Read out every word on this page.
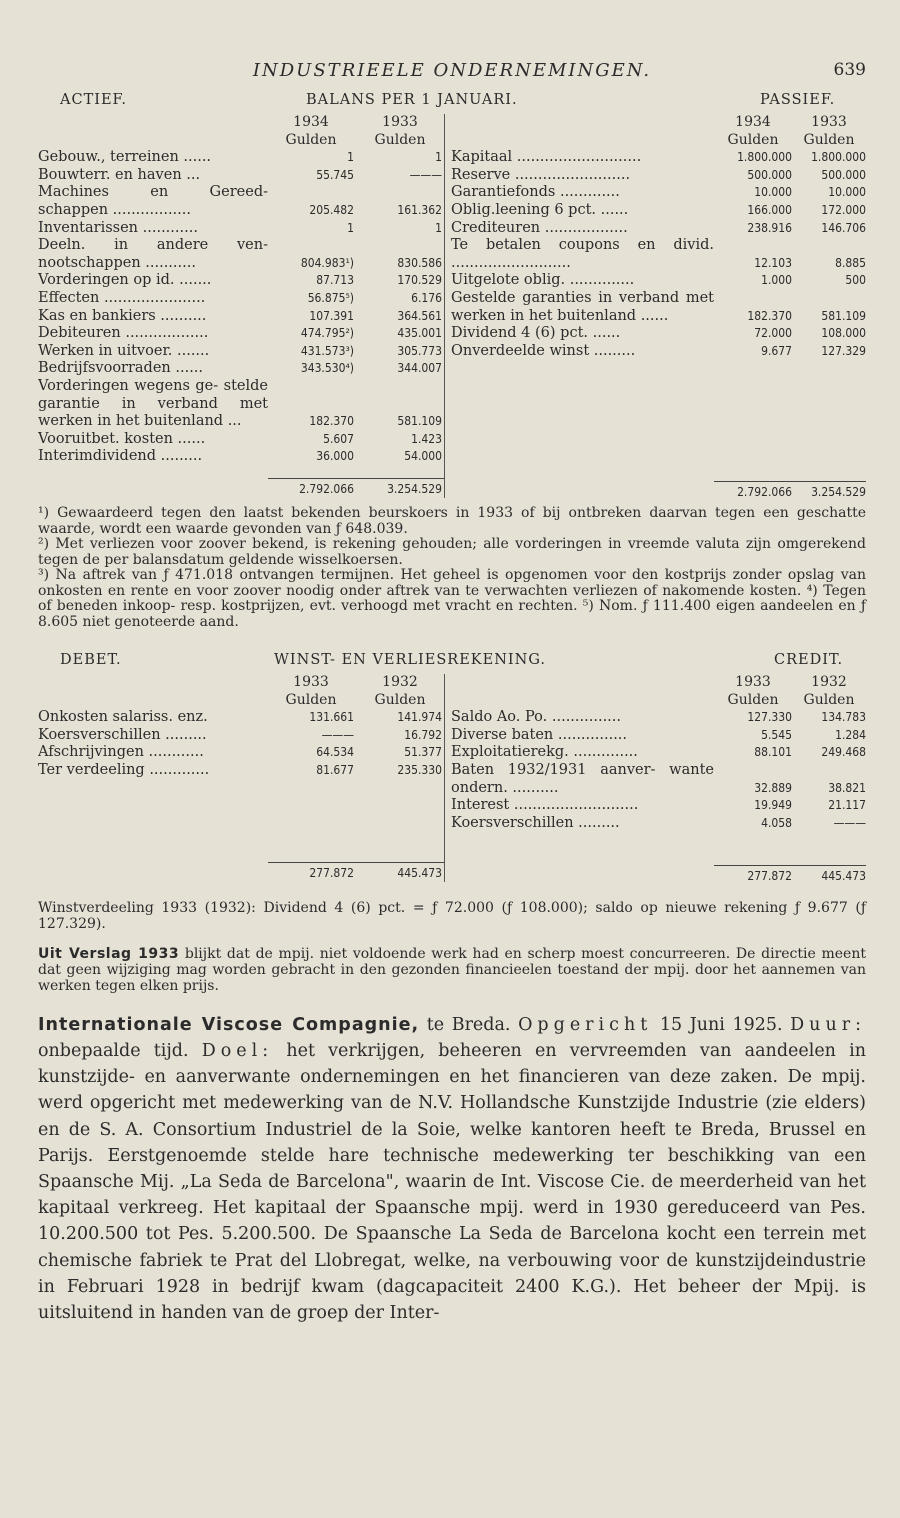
INDUSTRIEELE ONDERNEMINGEN.	639
ACTIEF.	BALANS PER 1 JANUARI.	PASSIEF.
1934	1933
Gulden	Gulden
Gebouw., terreinen ......	1	1
Bouwterr. en haven ...	55.745	———
Machines en Gereed- schappen .................	205.482	161.362
Inventarissen ............	1	1
Deeln. in andere ven- nootschappen ...........	804.983¹)	830.586
Vorderingen op id. .......	87.713	170.529
Effecten ......................	56.875⁵)	6.176
Kas en bankiers ..........	107.391	364.561
Debiteuren ..................	474.795²)	435.001
Werken in uitvoer. .......	431.573³)	305.773
Bedrijfsvoorraden ......	343.530⁴)	344.007
Vorderingen wegens ge- stelde garantie in verband met werken in het buitenland ...	182.370	581.109
Vooruitbet. kosten ......	5.607	1.423
Interimdividend .........	36.000	54.000
2.792.066	3.254.529
1934	1933
Gulden	Gulden
Kapitaal ...........................	1.800.000	1.800.000
Reserve .........................	500.000	500.000
Garantiefonds .............	10.000	10.000
Oblig.leening 6 pct. ......	166.000	172.000
Crediteuren ..................	238.916	146.706
Te betalen coupons en divid. ..........................	12.103	8.885
Uitgelote oblig. ..............	1.000	500
Gestelde garanties in verband met werken in het buitenland ......	182.370	581.109
Dividend 4 (6) pct. ......	72.000	108.000
Onverdeelde winst .........	9.677	127.329
2.792.066	3.254.529

¹) Gewaardeerd tegen den laatst bekenden beurskoers in 1933 of bij ontbreken daarvan tegen een geschatte waarde, wordt een waarde gevonden van ƒ 648.039.

²) Met verliezen voor zoover bekend, is rekening gehouden; alle vorderingen in vreemde valuta zijn omgerekend tegen de per balansdatum geldende wisselkoersen.

³) Na aftrek van ƒ 471.018 ontvangen termijnen. Het geheel is opgenomen voor den kostprijs zonder opslag van onkosten en rente en voor zoover noodig onder aftrek van te verwachten verliezen of nakomende kosten. ⁴) Tegen of beneden inkoop- resp. kostprijzen, evt. verhoogd met vracht en rechten. ⁵) Nom. ƒ 111.400 eigen aandeelen en ƒ 8.605 niet genoteerde aand.

DEBET.	WINST- EN VERLIESREKENING.	CREDIT.
1933	1932
Gulden	Gulden
Onkosten salariss. enz.	131.661	141.974
Koersverschillen .........	———	16.792
Afschrijvingen ............	64.534	51.377
Ter verdeeling .............	81.677	235.330
277.872	445.473
1933	1932
Gulden	Gulden
Saldo Ao. Po. ...............	127.330	134.783
Diverse baten ...............	5.545	1.284
Exploitatierekg. ..............	88.101	249.468
Baten 1932/1931 aanver- wante ondern. ..........	32.889	38.821
Interest ...........................	19.949	21.117
Koersverschillen .........	4.058	———
277.872	445.473

Winstverdeeling 1933 (1932): Dividend 4 (6) pct. = ƒ 72.000 (ƒ 108.000); saldo op nieuwe rekening ƒ 9.677 (ƒ 127.329).

Uit Verslag 1933 blijkt dat de mpij. niet voldoende werk had en scherp moest concurreeren. De directie meent dat geen wijziging mag worden gebracht in den gezonden financieelen toestand der mpij. door het aannemen van werken tegen elken prijs.
Internationale Viscose Compagnie, te Breda. Opgericht 15 Juni 1925. Duur: onbepaalde tijd. Doel: het verkrijgen, beheeren en vervreemden van aandeelen in kunstzijde- en aanverwante ondernemingen en het financieren van deze zaken. De mpij. werd opgericht met medewerking van de N.V. Hollandsche Kunstzijde Industrie (zie elders) en de S. A. Consortium Industriel de la Soie, welke kantoren heeft te Breda, Brussel en Parijs. Eerstgenoemde stelde hare technische medewerking ter beschikking van een Spaansche Mij. „La Seda de Barcelona", waarin de Int. Viscose Cie. de meerderheid van het kapitaal verkreeg. Het kapitaal der Spaansche mpij. werd in 1930 gereduceerd van Pes. 10.200.500 tot Pes. 5.200.500. De Spaansche La Seda de Barcelona kocht een terrein met chemische fabriek te Prat del Llobregat, welke, na verbouwing voor de kunstzijdeindustrie in Februari 1928 in bedrijf kwam (dagcapaciteit 2400 K.G.). Het beheer der Mpij. is uitsluitend in handen van de groep der Inter-
